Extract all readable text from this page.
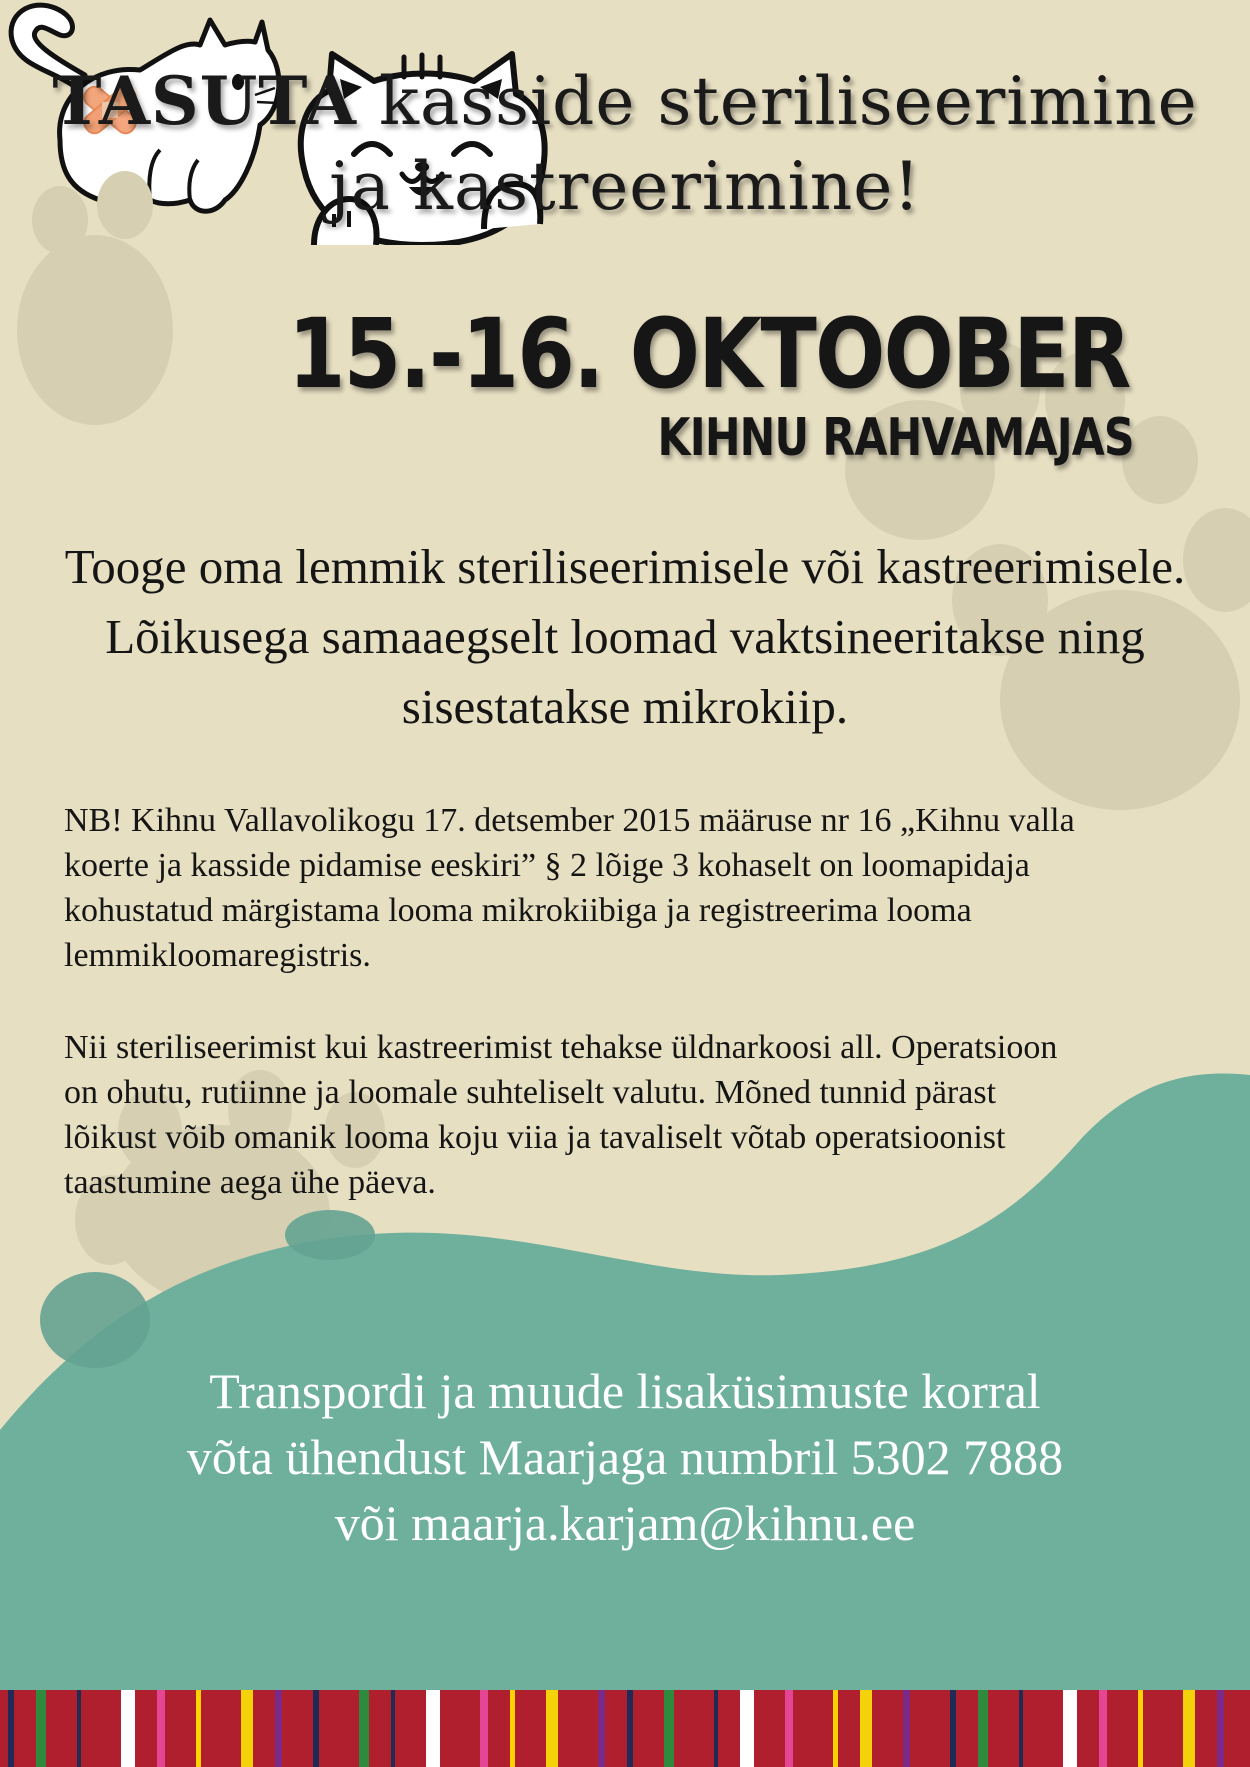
TASUTA kasside steriliseerimine
ja kastreerimine!

15.-16. OKTOOBER
KIHNU RAHVAMAJAS
Tooge oma lemmik steriliseerimisele või kastreerimisele.
Lõikusega samaaegselt loomad vaktsineeritakse ning
sisestatakse mikrokiip.
NB! Kihnu Vallavolikogu 17. detsember 2015 määruse nr 16 „Kihnu valla
koerte ja kasside pidamise eeskiri” § 2 lõige 3 kohaselt on loomapidaja
kohustatud märgistama looma mikrokiibiga ja registreerima looma
lemmikloomaregistris.
Nii steriliseerimist kui kastreerimist tehakse üldnarkoosi all. Operatsioon
on ohutu, rutiinne ja loomale suhteliselt valutu. Mõned tunnid pärast
lõikust võib omanik looma koju viia ja tavaliselt võtab operatsioonist
taastumine aega ühe päeva.
Transpordi ja muude lisaküsimuste korral
võta ühendust Maarjaga numbril 5302 7888
või maarja.karjam@kihnu.ee
